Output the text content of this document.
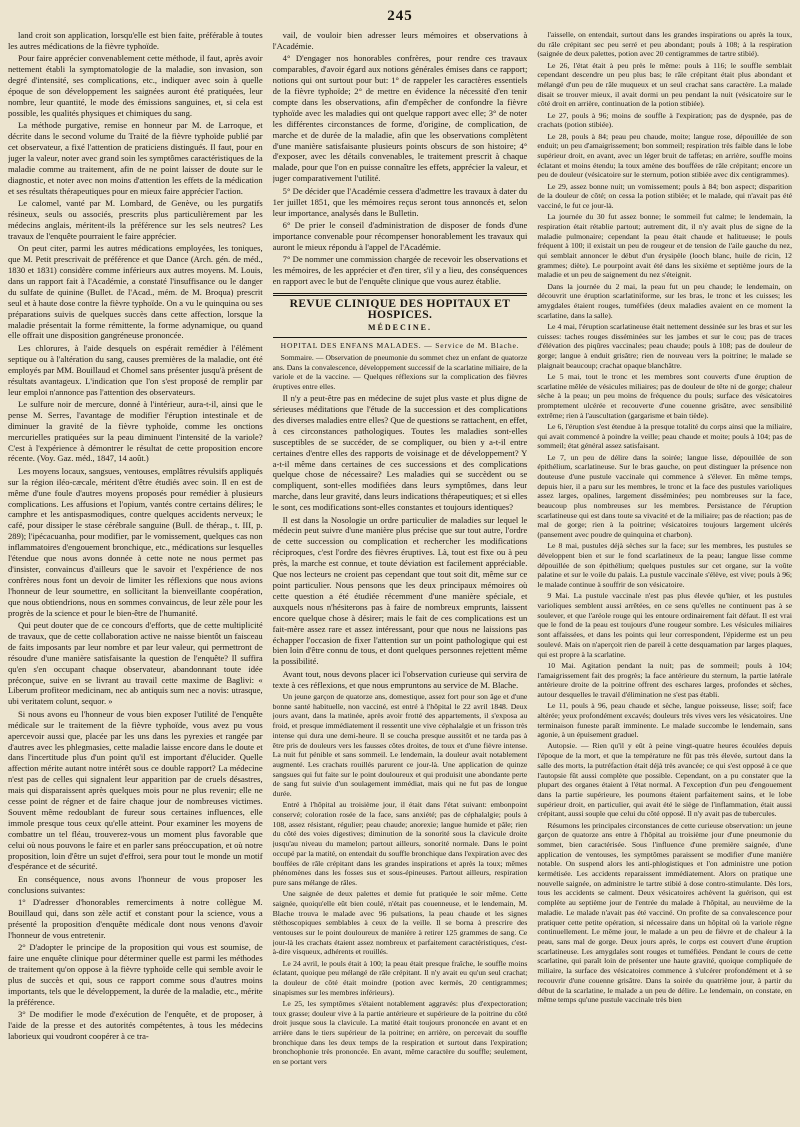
245

land croit son application, lorsqu'elle est bien faite, préférable à toutes les autres médications de la fièvre typhoïde.

Pour faire apprécier convenablement cette méthode, il faut, après avoir nettement établi la symptomatologie de la maladie, son invasion, son degré d'intensité, ses complications, etc., indiquer avec soin à quelle époque de son développement les saignées auront été pratiquées, leur nombre, leur quantité, le mode des émissions sanguines, et, si cela est possible, les qualités physiques et chimiques du sang.

La méthode purgative, remise en honneur par M. de Larroque, et décrite dans le second volume du Traité de la fièvre typhoïde publié par cet observateur, a fixé l'attention de praticiens distingués. Il faut, pour en juger la valeur, noter avec grand soin les symptômes caractéristiques de la maladie comme au traitement, afin de ne point laisser de doute sur le diagnostic, et noter avec non moins d'attention les effets de la médication et ses résultats thérapeutiques pour en mieux faire apprécier l'action.

Le calomel, vanté par M. Lombard, de Genève, ou les purgatifs résineux, seuls ou associés, prescrits plus particulièrement par les médecins anglais, méritent-ils la préférence sur les sels neutres? Les travaux de l'enquête pourraient le faire apprécier.

On peut citer, parmi les autres médications employées, les toniques, que M. Petit prescrivait de préférence et que Dance (Arch. gén. de méd., 1830 et 1831) considère comme inférieurs aux autres moyens. M. Louis, dans un rapport fait à l'Académie, a constaté l'insuffisance ou le danger du sulfate de quinine (Bullet. de l'Acad., mém. de M. Broqua) prescrit seul et à haute dose contre la fièvre typhoïde. On a vu le quinquina ou ses préparations suivis de quelques succès dans cette affection, lorsque la maladie présentait la forme rémittente, la forme adynamique, ou quand elle offrait une disposition gangréneuse prononcée.

Les chlorures, à l'aide desquels on espérait remédier à l'élément septique ou à l'altération du sang, causes premières de la maladie, ont été employés par MM. Bouillaud et Chomel sans présenter jusqu'à présent de résultats avantageux. L'indication que l'on s'est proposé de remplir par leur emploi n'annonce pas l'attention des observateurs.

Le sulfure noir de mercure, donné à l'intérieur, aura-t-il, ainsi que le pense M. Serres, l'avantage de modifier l'éruption intestinale et de diminuer la gravité de la fièvre typhoïde, comme les onctions mercurielles pratiquées sur la peau diminuent l'intensité de la variole? C'est à l'expérience à démontrer le résultat de cette proposition encore récente. (Voy. Gaz. méd., 1847, 14 août.)

Les moyens locaux, sangsues, ventouses, emplâtres révulsifs appliqués sur la région iléo-cæcale, méritent d'être étudiés avec soin. Il en est de même d'une foule d'autres moyens proposés pour remédier à plusieurs complications. Les affusions et l'opium, vantés contre certains délires; le camphre et les antispasmodiques, contre quelques accidents nerveux; le café, pour dissiper le stase cérébrale sanguine (Bull. de thérap., t. III, p. 289); l'ipécacuanha, pour modifier, par le vomissement, quelques cas non inflammatoires d'engouement bronchique, etc., médications sur lesquelles l'étendue que nous avons donnée à cette note ne nous permet pas d'insister, convaincus d'ailleurs que le savoir et l'expérience de nos confrères nous font un devoir de limiter les réflexions que nous avions l'honneur de leur soumettre, en sollicitant la bienveillante coopération, que nous obtiendrions, nous en sommes convaincus, de leur zèle pour les progrès de la science et pour le bien-être de l'humanité.

Qui peut douter que de ce concours d'efforts, que de cette multiplicité de travaux, que de cette collaboration active ne naisse bientôt un faisceau de faits imposants par leur nombre et par leur valeur, qui permettront de résoudre d'une manière satisfaisante la question de l'enquête? Il suffira qu'en s'en occupant chaque observateur, abandonnant toute idée préconçue, suive en se livrant au travail cette maxime de Baglivi: « Liberum profiteor medicinam, nec ab antiquis sum nec a novis: utrasque, ubi veritatem colunt, sequor. »

Si nous avons eu l'honneur de vous bien exposer l'utilité de l'enquête médicale sur le traitement de la fièvre typhoïde, vous avez pu vous apercevoir aussi que, placée par les uns dans les pyrexies et rangée par d'autres avec les phlegmasies, cette maladie laisse encore dans le doute et dans l'incertitude plus d'un point qu'il est important d'élucider. Quelle affection mérite autant notre intérêt sous ce double rapport? La médecine n'est pas de celles qui signalent leur apparition par de cruels désastres, mais qui disparaissent après quelques mois pour ne plus revenir; elle ne cesse point de régner et de faire chaque jour de nombreuses victimes. Souvent même redoublant de fureur sous certaines influences, elle immole presque tous ceux qu'elle atteint. Pour examiner les moyens de combattre un tel fléau, trouverez-vous un moment plus favorable que celui où nous pouvons le faire et en parler sans préoccupation, et où notre proposition, loin d'être un sujet d'effroi, sera pour tout le monde un motif d'espérance et de sécurité.

En conséquence, nous avons l'honneur de vous proposer les conclusions suivantes:

1° D'adresser d'honorables remerciments à notre collègue M. Bouillaud qui, dans son zèle actif et constant pour la science, vous a présenté la proposition d'enquête médicale dont nous venons d'avoir l'honneur de vous entretenir.

2° D'adopter le principe de la proposition qui vous est soumise, de faire une enquête clinique pour déterminer quelle est parmi les méthodes de traitement qu'on oppose à la fièvre typhoïde celle qui semble avoir le plus de succès et qui, sous ce rapport comme sous d'autres moins importants, tels que le développement, la durée de la maladie, etc., mérite la préférence.

3° De modifier le mode d'exécution de l'enquête, et de proposer, à l'aide de la presse et des autorités compétentes, à tous les médecins laborieux qui voudront coopérer à ce tra-

vail, de vouloir bien adresser leurs mémoires et observations à l'Académie.

4° D'engager nos honorables confrères, pour rendre ces travaux comparables, d'avoir égard aux notions générales émises dans ce rapport; notions qui ont surtout pour but: 1° de rappeler les caractères essentiels de la fièvre typhoïde; 2° de mettre en évidence la nécessité d'en tenir compte dans les observations, afin d'empêcher de confondre la fièvre typhoïde avec les maladies qui ont quelque rapport avec elle; 3° de noter les différentes circonstances de forme, d'origine, de complication, de marche et de durée de la maladie, afin que les observations complètent d'une manière satisfaisante plusieurs points obscurs de son histoire; 4° d'exposer, avec les détails convenables, le traitement prescrit à chaque malade, pour que l'on en puisse connaître les effets, apprécier la valeur, et juger comparativement l'utilité.

5° De décider que l'Académie cessera d'admettre les travaux à dater du 1er juillet 1851, que les mémoires reçus seront tous annoncés et, selon leur importance, analysés dans le Bulletin.

6° De prier le conseil d'administration de disposer de fonds d'une importance convenable pour récompenser honorablement les travaux qui auront le mieux répondu à l'appel de l'Académie.

7° De nommer une commission chargée de recevoir les observations et les mémoires, de les apprécier et d'en tirer, s'il y a lieu, des conséquences en rapport avec le but de l'enquête clinique que vous aurez établie.

REVUE CLINIQUE DES HOPITAUX ET HOSPICES.
MÉDECINE.
HOPITAL DES ENFANS MALADES. — Service de M. Blache.
Sommaire. — Observation de pneumonie du sommet chez un enfant de quatorze ans. Dans la convalescence, développement successif de la scarlatine miliaire, de la variole et de la vaccine. — Quelques réflexions sur la complication des fièvres éruptives entre elles.

Il n'y a peut-être pas en médecine de sujet plus vaste et plus digne de sérieuses méditations que l'étude de la succession et des complications des diverses maladies entre elles? Que de questions se rattachent, en effet, à ces circonstances pathologiques. Toutes les maladies sont-elles susceptibles de se succéder, de se compliquer, ou bien y a-t-il entre certaines d'entre elles des rapports de voisinage et de développement? Y a-t-il même dans certaines de ces successions et des complications quelque chose de nécessaire? Les maladies qui se succèdent ou se compliquent, sont-elles modifiées dans leurs symptômes, dans leur marche, dans leur gravité, dans leurs indications thérapeutiques; et si elles le sont, ces modifications sont-elles constantes et toujours identiques?

Il est dans la Nosologie un ordre particulier de maladies sur lequel le médecin peut suivre d'une manière plus précise que sur tout autre, l'ordre de cette succession ou complication et rechercher les modifications réciproques, c'est l'ordre des fièvres éruptives. Là, tout est fixe ou à peu près, la marche est connue, et toute déviation est facilement appréciable. Que nos lecteurs ne croient pas cependant que tout soit dit, même sur ce point particulier. Nous pensons que les deux principaux mémoires où cette question a été étudiée récemment d'une manière spéciale, et auxquels nous n'hésiterons pas à faire de nombreux emprunts, laissent encore quelque chose à désirer; mais le fait de ces complications est un fait-mère assez rare et assez intéressant, pour que nous ne laissions pas échapper l'occasion de fixer l'attention sur un point pathologique qui est bien loin d'être connu de tous, et dont quelques personnes rejettent même la possibilité.

Avant tout, nous devons placer ici l'observation curieuse qui servira de texte à ces réflexions, et que nous empruntons au service de M. Blache.

Un jeune garçon de quatorze ans, domestique, assez fort pour son âge et d'une bonne santé habituelle, non vacciné, est entré à l'hôpital le 22 avril 1848. Deux jours avant, dans la matinée, après avoir frotté des appartements, il s'exposa au froid, et presque immédiatement il ressentit une vive céphalalgie et un frisson très intense qui dura une demi-heure. Il se coucha presque aussitôt et ne tarda pas à être pris de douleurs vers les fausses côtes droites, de toux et d'une fièvre intense. La nuit fut pénible et sans sommeil. Le lendemain, la douleur avait notablement augmenté. Les crachats rouillés parurent ce jour-là. Une application de quinze sangsues qui fut faite sur le point douloureux et qui produisit une abondante perte de sang fut suivie d'un soulagement immédiat, mais qui ne fut pas de longue durée.

Entré à l'hôpital au troisième jour, il était dans l'état suivant: embonpoint conservé; coloration rosée de la face, sans anxiété; pas de céphalalgie; pouls à 108, assez résistant, régulier; peau chaude; anorexie; langue humide et pâle; rien du côté des voies digestives; diminution de la sonorité sous la clavicule droite jusqu'au niveau du mamelon; partout ailleurs, sonorité normale. Dans le point occupé par la matité, on entendait du souffle bronchique dans l'expiration avec des bouffées de râle crépitant dans les grandes inspirations et après la toux; mêmes phénomènes dans les fosses sus et sous-épineuses. Partout ailleurs, respiration pure sans mélange de râles.

Une saignée de deux palettes et demie fut pratiquée le soir même. Cette saignée, quoiqu'elle eût bien coulé, n'était pas couenneuse, et le lendemain, M. Blache trouva le malade avec 96 pulsations, la peau chaude et les signes stéthoscopiques semblables à ceux de la veille. Il se borna à prescrire des ventouses sur le point douloureux de manière à retirer 125 grammes de sang. Ce jour-là les crachats étaient assez nombreux et parfaitement caractéristiques, c'est-à-dire visqueux, adhérents et rouillés.

Le 24 avril, le pouls était à 100; la peau était presque fraîche, le souffle moins éclatant, quoique peu mélangé de râle crépitant. Il n'y avait eu qu'un seul crachat; la douleur de côté était moindre (potion avec kermès, 20 centigrammes; sinapismes sur les membres inférieurs).

Le 25, les symptômes s'étaient notablement aggravés: plus d'expectoration; toux grasse; douleur vive à la partie antérieure et supérieure de la poitrine du côté droit jusque sous la clavicule. La matité était toujours prononcée en avant et en arrière dans le tiers supérieur de la poitrine; en arrière, on percevait du souffle bronchique dans les deux temps de la respiration et surtout dans l'expiration; bronchophonie très prononcée. En avant, même caractère du souffle; seulement, en se portant vers

l'aisselle, on entendait, surtout dans les grandes inspirations ou après la toux, du râle crépitant sec peu serré et peu abondant; pouls à 108; à la respiration (saignée de deux palettes, potion avec 20 centigrammes de tartre stibié).

Le 26, l'état était à peu près le même: pouls à 116; le souffle semblait cependant descendre un peu plus bas; le râle crépitant était plus abondant et mélangé d'un peu de râle muqueux et un seul crachat sans caractère. La malade disait se trouver mieux, il avait dormi un peu pendant la nuit (vésicatoire sur le côté droit en arrière, continuation de la potion stibiée).

Le 27, pouls à 96; moins de souffle à l'expiration; pas de dyspnée, pas de crachats (potion stibiée).

Le 28, pouls à 84; peau peu chaude, moite; langue rose, dépouillée de son enduit; un peu d'amaigrissement; bon sommeil; respiration très faible dans le lobe supérieur droit, en avant, avec un léger bruit de taffetas; en arrière, souffle moins éclatant et moins étendu; la toux amène des bouffées de râle crépitant; encore un peu de douleur (vésicatoire sur le sternum, potion stibiée avec dix centigrammes).

Le 29, assez bonne nuit; un vomissement; pouls à 84; bon aspect; disparition de la douleur de côté; on cessa la potion stibiée; et le malade, qui n'avait pas été vacciné, le fut ce jour-là.

La journée du 30 fut assez bonne; le sommeil fut calme; le lendemain, la respiration était rétablie partout; autrement dit, il n'y avait plus de signe de la maladie pulmonaire; cependant la peau était chaude et halitueuse; le pouls fréquent à 100; il existait un peu de rougeur et de tension de l'aile gauche du nez, qui semblait annoncer le début d'un érysipèle (looch blanc, huile de ricin, 12 grammes; diète). Le pourpoint avait été dans les sixième et septième jours de la maladie et un peu de saignement du nez s'éteignit.

Dans la journée du 2 mai, la peau fut un peu chaude; le lendemain, on découvrit une éruption scarlatiniforme, sur les bras, le tronc et les cuisses; les amygdales étaient rouges, tuméfiées (deux maladies avaient en ce moment la scarlatine, dans la salle).

Le 4 mai, l'éruption scarlatineuse était nettement dessinée sur les bras et sur les cuisses: taches rouges disséminées sur les jambes et sur le cou; pas de traces d'élévation des piqûres vaccinales; peau chaude; pouls à 108; pas de douleur de gorge; langue à enduit grisâtre; rien de nouveau vers la poitrine; le malade se plaignait beaucoup; crachat opaque blanchâtre.

Le 5 mai, tout le tronc et les membres sont couverts d'une éruption de scarlatine mêlée de vésicules miliaires; pas de douleur de tête ni de gorge; chaleur sèche à la peau; un peu moins de fréquence du pouls; surface des vésicatoires promptement ulcérée et recouverte d'une couenne grisâtre, avec sensibilité extrême; rien à l'auscultation (gargarisme et bain tiède).

Le 6, l'éruption s'est étendue à la presque totalité du corps ainsi que la miliaire, qui avait commencé à poindre la veille; peau chaude et moite; pouls à 104; pas de sommeil; état général assez satisfaisant.

Le 7, un peu de délire dans la soirée; langue lisse, dépouillée de son épithélium, scarlatineuse. Sur le bras gauche, on peut distinguer la présence non douteuse d'une pustule vaccinale qui commence à s'élever. En même temps, depuis hier, il a paru sur les membres, le tronc et la face des pustules varioliques assez larges, opalines, largement disséminées; peu nombreuses sur la face, beaucoup plus nombreuses sur les membres. Persistance de l'éruption scarlatineuse qui est dans toute sa vivacité et de la miliaire; pas de réaction; pas de mal de gorge; rien à la poitrine; vésicatoires toujours largement ulcérés (pansement avec poudre de quinquina et charbon).

Le 8 mai, pustules déjà sèches sur la face; sur les membres, les pustules se développent bien et sur le fond scarlatineux de la peau; langue lisse comme dépouillée de son épithélium; quelques pustules sur cet organe, sur la voûte palatine et sur le voile du palais. La pustule vaccinale s'élève, est vive; pouls à 96; le malade continue à souffrir de son vésicatoire.

9 Mai. La pustule vaccinale n'est pas plus élevée qu'hier, et les pustules varioliques semblent aussi arrêtées, en ce sens qu'elles ne continuent pas à se soulever, et que l'aréole rouge qui les entoure ordinairement fait défaut. Il est vrai que le fond de la peau est toujours d'une rougeur sombre. Les vésicules miliaires sont affaissées, et dans les points qui leur correspondent, l'épiderme est un peu soulevé. Mais on n'aperçoit rien de pareil à cette desquamation par larges plaques, qui est propre à la scarlatine.

10 Mai. Agitation pendant la nuit; pas de sommeil; pouls à 104; l'amaigrissement fait des progrès; la face antérieure du sternum, la partie latérale antérieure droite de la poitrine offrent des eschares larges, profondes et sèches, autour desquelles le travail d'élimination ne s'est pas établi.

Le 11, pouls à 96, peau chaude et sèche, langue poisseuse, lisse; soif; face altérée; yeux profondément excavés; douleurs très vives vers les vésicatoires. Une terminaison funeste paraît imminente. Le malade succombe le lendemain, sans agonie, à un épuisement graduel.

Autopsie. — Rien qu'il y eût à peine vingt-quatre heures écoulées depuis l'époque de la mort, et que la température ne fût pas très élevée, surtout dans la salle des morts, la putréfaction était déjà très avancée; ce qui s'est opposé à ce que l'autopsie fût aussi complète que possible. Cependant, on a pu constater que la plupart des organes étaient à l'état normal. A l'exception d'un peu d'engouement dans la partie supérieure, les poumons étaient parfaitement sains, et le lobe supérieur droit, en particulier, qui avait été le siège de l'inflammation, était aussi crépitant, aussi souple que celui du côté opposé. Il n'y avait pas de tubercules.

Résumons les principales circonstances de cette curieuse observation: un jeune garçon de quatorze ans entre à l'hôpital au troisième jour d'une pneumonie du sommet, bien caractérisée. Sous l'influence d'une première saignée, d'une application de ventouses, les symptômes paraissent se modifier d'une manière notable. On suspend alors les anti-phlogistiques et l'on administre une potion kermétisée. Les accidents reparaissent immédiatement. Alors on pratique une nouvelle saignée, on administre le tartre stibié à dose contro-stimulante. Dès lors, tous les accidents se calment. Deux vésicatoires achèvent la guérison, qui est complète au septième jour de l'entrée du malade à l'hôpital, au neuvième de la maladie. Le malade n'avait pas été vacciné. On profite de sa convalescence pour pratiquer cette petite opération, si nécessaire dans un hôpital où la variole règne continuellement. Le même jour, le malade a un peu de fièvre et de chaleur à la peau, sans mal de gorge. Deux jours après, le corps est couvert d'une éruption scarlatineuse. Les amygdales sont rouges et tuméfiées. Pendant le cours de cette scarlatine, qui paraît loin de présenter une haute gravité, quoique compliquée de miliaire, la surface des vésicatoires commence à s'ulcérer profondément et à se recouvrir d'une couenne grisâtre. Dans la soirée du quatrième jour, à partir du début de la scarlatine, le malade a un peu de délire. Le lendemain, on constate, en même temps qu'une pustule vaccinale très bien
